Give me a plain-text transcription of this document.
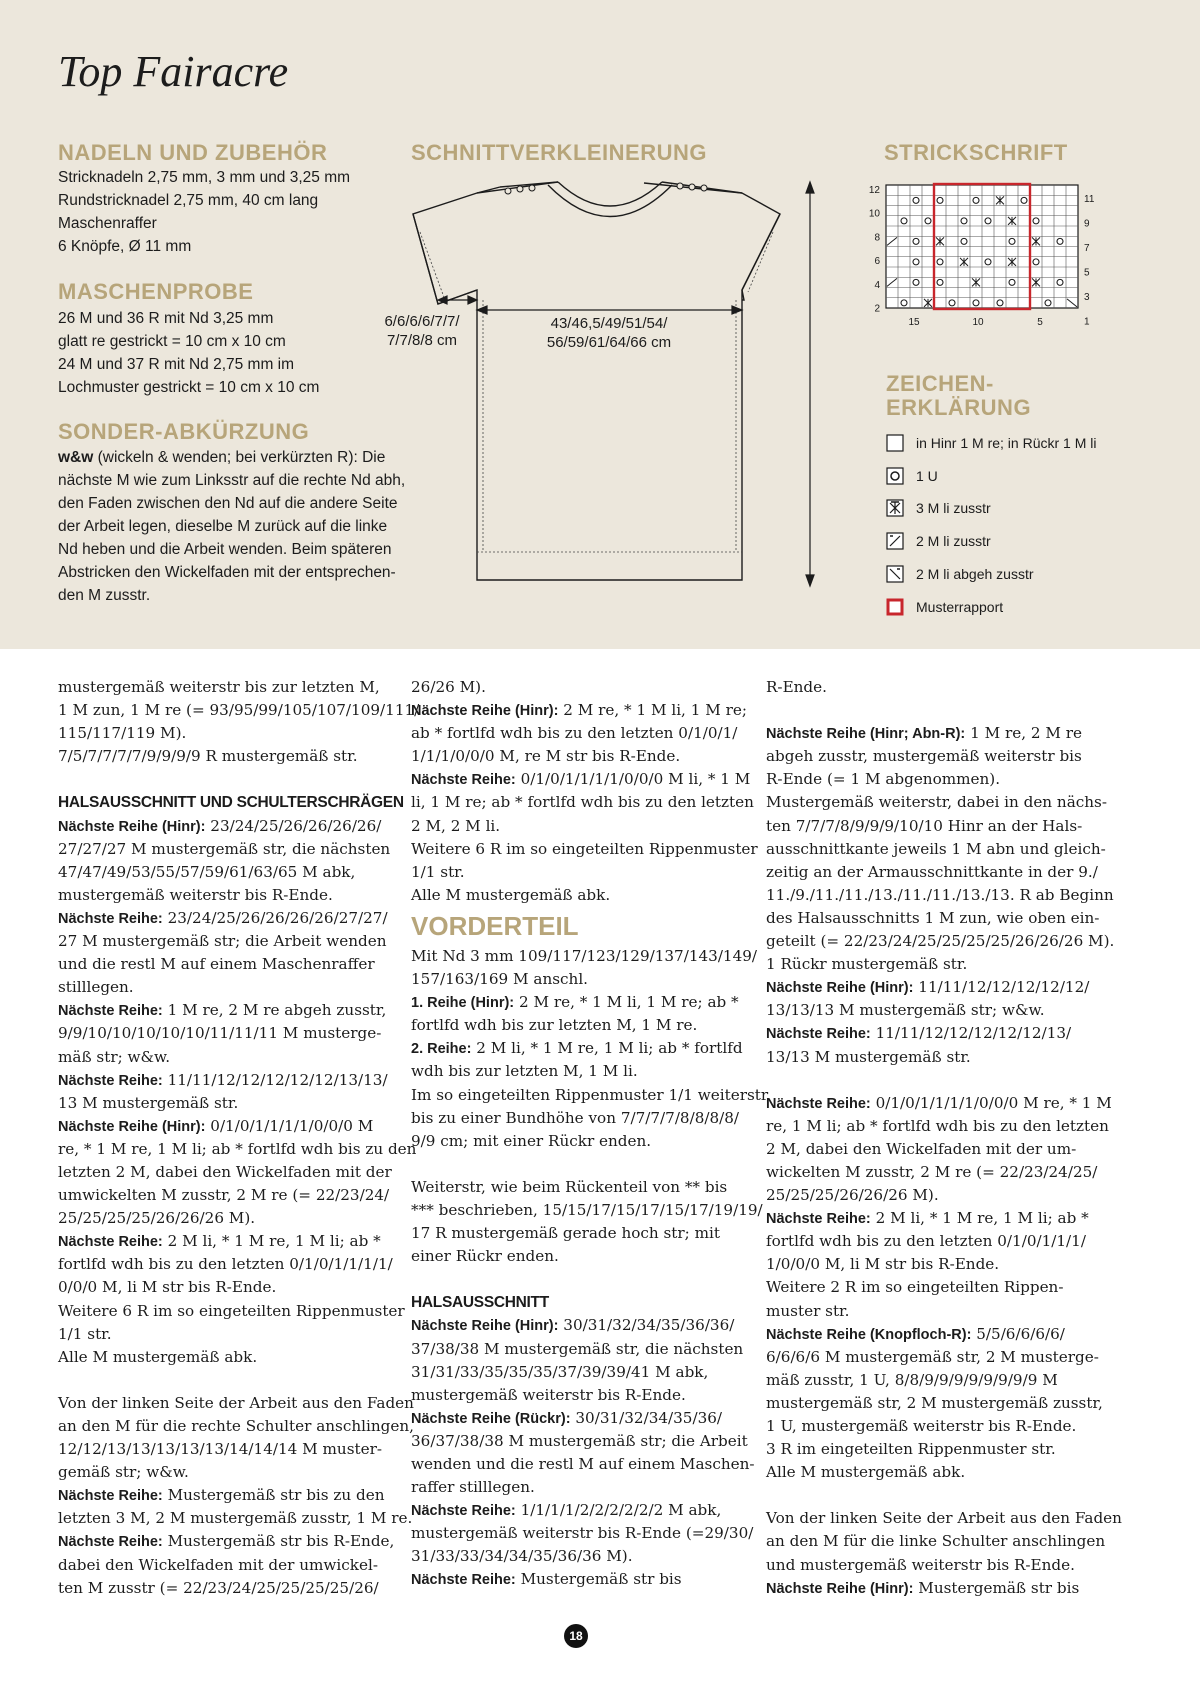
Top Fairacre
NADELN UND ZUBEHÖR
Stricknadeln 2,75 mm, 3 mm und 3,25 mm
Rundstricknadel 2,75 mm, 40 cm lang
Maschenraffer
6 Knöpfe, Ø 11 mm
MASCHENPROBE
26 M und 36 R mit Nd 3,25 mm
glatt re gestrickt = 10 cm x 10 cm
24 M und 37 R mit Nd 2,75 mm im
Lochmuster gestrickt = 10 cm x 10 cm
SONDER-ABKÜRZUNG
w&w (wickeln & wenden; bei verkürzten R): Die
nächste M wie zum Linksstr auf die rechte Nd abh,
den Faden zwischen den Nd auf die andere Seite
der Arbeit legen, dieselbe M zurück auf die linke
Nd heben und die Arbeit wenden. Beim späteren
Abstricken den Wickelfaden mit der entsprechen-
den M zusstr.
SCHNITTVERKLEINERUNG
6/6/6/6/7/7/
7/7/8/8 cm
43/46,5/49/51/54/
56/59/61/64/66 cm
STRICKSCHRIFT
12
10
8
6
4
2
11
9
7
5
3
1
15	10	5
ZEICHEN-
ERKLÄRUNG
in Hinr 1 M re; in Rückr 1 M li
1 U
3 M li zusstr
2 M li zusstr
2 M li abgeh zusstr
Musterrapport
mustergemäß weiterstr bis zur letzten M,
1 M zun, 1 M re (= 93/95/99/105/107/109/111/
115/117/119 M).
7/5/7/7/7/7/9/9/9/9 R mustergemäß str.
HALSAUSSCHNITT UND SCHULTERSCHRÄGEN
Nächste Reihe (Hinr): 23/24/25/26/26/26/26/
27/27/27 M mustergemäß str, die nächsten
47/47/49/53/55/57/59/61/63/65 M abk,
mustergemäß weiterstr bis R-Ende.
Nächste Reihe: 23/24/25/26/26/26/26/27/27/
27 M mustergemäß str; die Arbeit wenden
und die restl M auf einem Maschenraffer
stilllegen.
Nächste Reihe: 1 M re, 2 M re abgeh zusstr,
9/9/10/10/10/10/10/11/11/11 M musterge-
mäß str; w&w.
Nächste Reihe: 11/11/12/12/12/12/12/13/13/
13 M mustergemäß str.
Nächste Reihe (Hinr): 0/1/0/1/1/1/1/0/0/0 M
re, * 1 M re, 1 M li; ab * fortlfd wdh bis zu den
letzten 2 M, dabei den Wickelfaden mit der
umwickelten M zusstr, 2 M re (= 22/23/24/
25/25/25/25/26/26/26 M).
Nächste Reihe: 2 M li, * 1 M re, 1 M li; ab *
fortlfd wdh bis zu den letzten 0/1/0/1/1/1/1/
0/0/0 M, li M str bis R-Ende.
Weitere 6 R im so eingeteilten Rippenmuster
1/1 str.
Alle M mustergemäß abk.
Von der linken Seite der Arbeit aus den Faden
an den M für die rechte Schulter anschlingen,
12/12/13/13/13/13/13/14/14/14 M muster-
gemäß str; w&w.
Nächste Reihe: Mustergemäß str bis zu den
letzten 3 M, 2 M mustergemäß zusstr, 1 M re.
Nächste Reihe: Mustergemäß str bis R-Ende,
dabei den Wickelfaden mit der umwickel-
ten M zusstr (= 22/23/24/25/25/25/25/26/
26/26 M).
Nächste Reihe (Hinr): 2 M re, * 1 M li, 1 M re;
ab * fortlfd wdh bis zu den letzten 0/1/0/1/
1/1/1/0/0/0 M, re M str bis R-Ende.
Nächste Reihe: 0/1/0/1/1/1/1/0/0/0 M li, * 1 M
li, 1 M re; ab * fortlfd wdh bis zu den letzten
2 M, 2 M li.
Weitere 6 R im so eingeteilten Rippenmuster
1/1 str.
Alle M mustergemäß abk.
VORDERTEIL
Mit Nd 3 mm 109/117/123/129/137/143/149/
157/163/169 M anschl.
1. Reihe (Hinr): 2 M re, * 1 M li, 1 M re; ab *
fortlfd wdh bis zur letzten M, 1 M re.
2. Reihe: 2 M li, * 1 M re, 1 M li; ab * fortlfd
wdh bis zur letzten M, 1 M li.
Im so eingeteilten Rippenmuster 1/1 weiterstr
bis zu einer Bundhöhe von 7/7/7/7/8/8/8/8/
9/9 cm; mit einer Rückr enden.
Weiterstr, wie beim Rückenteil von ** bis
*** beschrieben, 15/15/17/15/17/15/17/19/19/
17 R mustergemäß gerade hoch str; mit
einer Rückr enden.
HALSAUSSCHNITT
Nächste Reihe (Hinr): 30/31/32/34/35/36/36/
37/38/38 M mustergemäß str, die nächsten
31/31/33/35/35/35/37/39/39/41 M abk,
mustergemäß weiterstr bis R-Ende.
Nächste Reihe (Rückr): 30/31/32/34/35/36/
36/37/38/38 M mustergemäß str; die Arbeit
wenden und die restl M auf einem Maschen-
raffer stilllegen.
Nächste Reihe: 1/1/1/1/2/2/2/2/2/2 M abk,
mustergemäß weiterstr bis R-Ende (=29/30/
31/33/33/34/34/35/36/36 M).
Nächste Reihe: Mustergemäß str bis
R-Ende.
Nächste Reihe (Hinr; Abn-R): 1 M re, 2 M re
abgeh zusstr, mustergemäß weiterstr bis
R-Ende (= 1 M abgenommen).
Mustergemäß weiterstr, dabei in den nächs-
ten 7/7/7/8/9/9/9/10/10 Hinr an der Hals-
ausschnittkante jeweils 1 M abn und gleich-
zeitig an der Armausschnittkante in der 9./
11./9./11./11./13./11./11./13./13. R ab Beginn
des Halsausschnitts 1 M zun, wie oben ein-
geteilt (= 22/23/24/25/25/25/25/26/26/26 M).
1 Rückr mustergemäß str.
Nächste Reihe (Hinr): 11/11/12/12/12/12/12/
13/13/13 M mustergemäß str; w&w.
Nächste Reihe: 11/11/12/12/12/12/12/13/
13/13 M mustergemäß str.
Nächste Reihe: 0/1/0/1/1/1/1/0/0/0 M re, * 1 M
re, 1 M li; ab * fortlfd wdh bis zu den letzten
2 M, dabei den Wickelfaden mit der um-
wickelten M zusstr, 2 M re (= 22/23/24/25/
25/25/25/26/26/26 M).
Nächste Reihe: 2 M li, * 1 M re, 1 M li; ab *
fortlfd wdh bis zu den letzten 0/1/0/1/1/1/
1/0/0/0 M, li M str bis R-Ende.
Weitere 2 R im so eingeteilten Rippen-
muster str.
Nächste Reihe (Knopfloch-R): 5/5/6/6/6/6/
6/6/6/6 M mustergemäß str, 2 M musterge-
mäß zusstr, 1 U, 8/8/9/9/9/9/9/9/9/9 M
mustergemäß str, 2 M mustergemäß zusstr,
1 U, mustergemäß weiterstr bis R-Ende.
3 R im eingeteilten Rippenmuster str.
Alle M mustergemäß abk.
Von der linken Seite der Arbeit aus den Faden
an den M für die linke Schulter anschlingen
und mustergemäß weiterstr bis R-Ende.
Nächste Reihe (Hinr): Mustergemäß str bis
18
